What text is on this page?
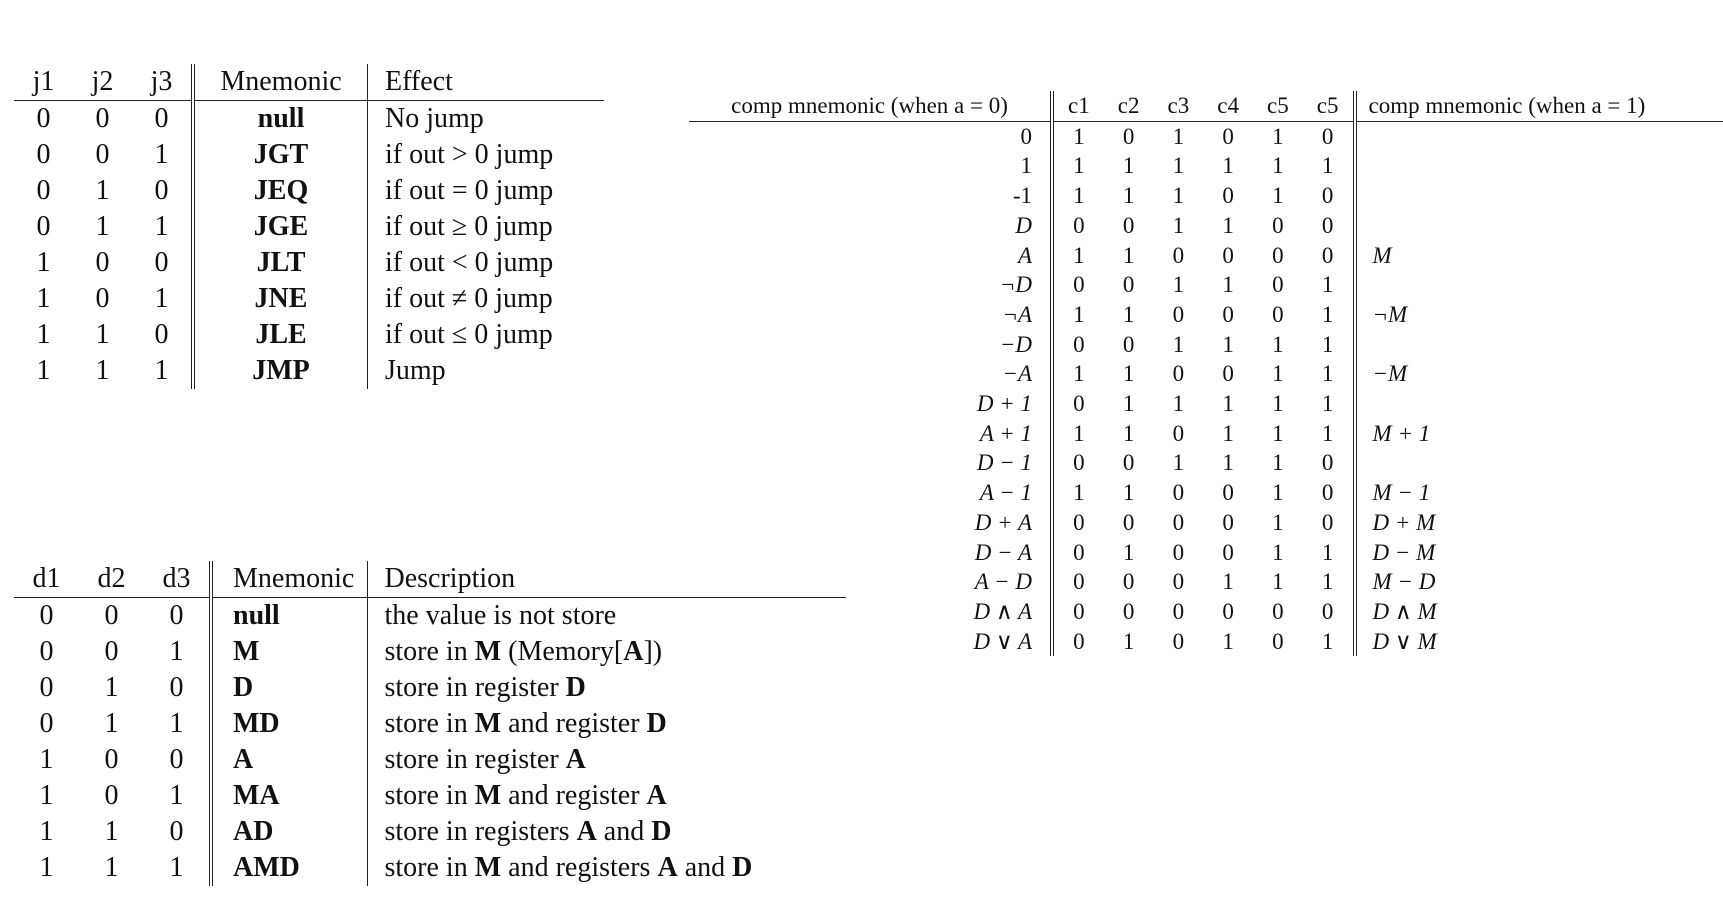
j1	j2	j3	Mnemonic	Effect
0	0	0	null	No jump
0	0	1	JGT	if out > 0 jump
0	1	0	JEQ	if out = 0 jump
0	1	1	JGE	if out ≥ 0 jump
1	0	0	JLT	if out < 0 jump
1	0	1	JNE	if out ≠ 0 jump
1	1	0	JLE	if out ≤ 0 jump
1	1	1	JMP	Jump
d1	d2	d3	Mnemonic	Description
0	0	0	null	the value is not store
0	0	1	M	store in M (Memory[A])
0	1	0	D	store in register D
0	1	1	MD	store in M and register D
1	0	0	A	store in register A
1	0	1	MA	store in M and register A
1	1	0	AD	store in registers A and D
1	1	1	AMD	store in M and registers A and D
comp mnemonic (when a = 0)	c1	c2	c3	c4	c5	c5	comp mnemonic (when a = 1)
0	1	0	1	0	1	0	
1	1	1	1	1	1	1	
-1	1	1	1	0	1	0	
D	0	0	1	1	0	0	
A	1	1	0	0	0	0	M
¬D	0	0	1	1	0	1	
¬A	1	1	0	0	0	1	¬M
−D	0	0	1	1	1	1	
−A	1	1	0	0	1	1	−M
D + 1	0	1	1	1	1	1	
A + 1	1	1	0	1	1	1	M + 1
D − 1	0	0	1	1	1	0	
A − 1	1	1	0	0	1	0	M − 1
D + A	0	0	0	0	1	0	D + M
D − A	0	1	0	0	1	1	D − M
A − D	0	0	0	1	1	1	M − D
D ∧ A	0	0	0	0	0	0	D ∧ M
D ∨ A	0	1	0	1	0	1	D ∨ M
